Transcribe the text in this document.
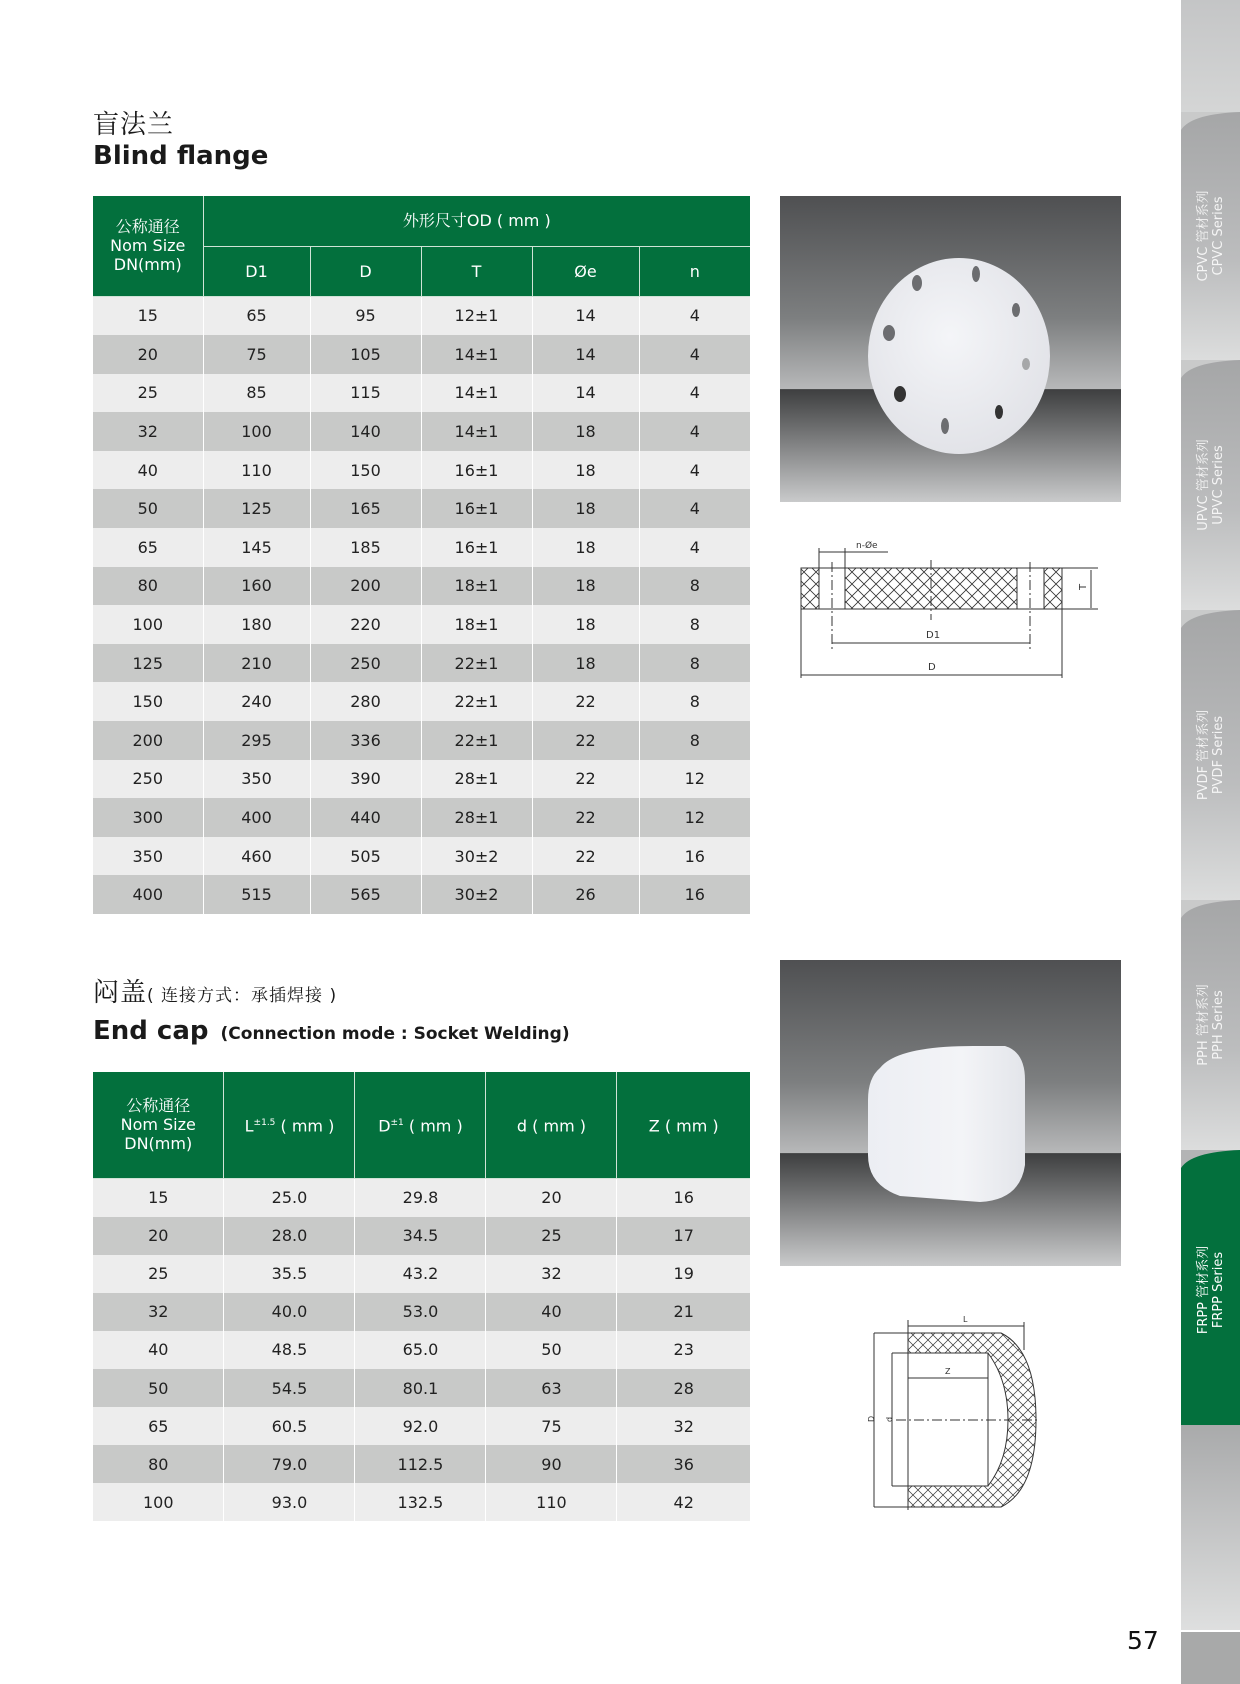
盲法兰
Blind flange
公称通径
Nom Size
DN(mm)	外形尺寸OD ( mm )				
	D1	D	T	Øe	n
15	65	95	12±1	14	4
20	75	105	14±1	14	4
25	85	115	14±1	14	4
32	100	140	14±1	18	4
40	110	150	16±1	18	4
50	125	165	16±1	18	4
65	145	185	16±1	18	4
80	160	200	18±1	18	8
100	180	220	18±1	18	8
125	210	250	22±1	18	8
150	240	280	22±1	22	8
200	295	336	22±1	22	8
250	350	390	28±1	22	12
300	400	440	28±1	22	12
350	460	505	30±2	22	16
400	515	565	30±2	26	16
n-Øe
D1
D
T
闷盖( 连接方式：承插焊接 )
End cap (Connection mode : Socket Welding)
公称通径
Nom Size
DN(mm)	$L^{\pm 1.5}$ ( mm )	$D^{\pm 1}$ ( mm )	d ( mm )	Z ( mm )
15	25.0	29.8	20	16
20	28.0	34.5	25	17
25	35.5	43.2	32	19
32	40.0	53.0	40	21
40	48.5	65.0	50	23
50	54.5	80.1	63	28
65	60.5	92.0	75	32
80	79.0	112.5	90	36
100	93.0	132.5	110	42
L
Z
D d
CPVC 管材系列 CPVC Series
UPVC 管材系列 UPVC Series
PVDF 管材系列 PVDF Series
PPH 管材系列 PPH Series
FRPP 管材系列 FRPP Series
57
